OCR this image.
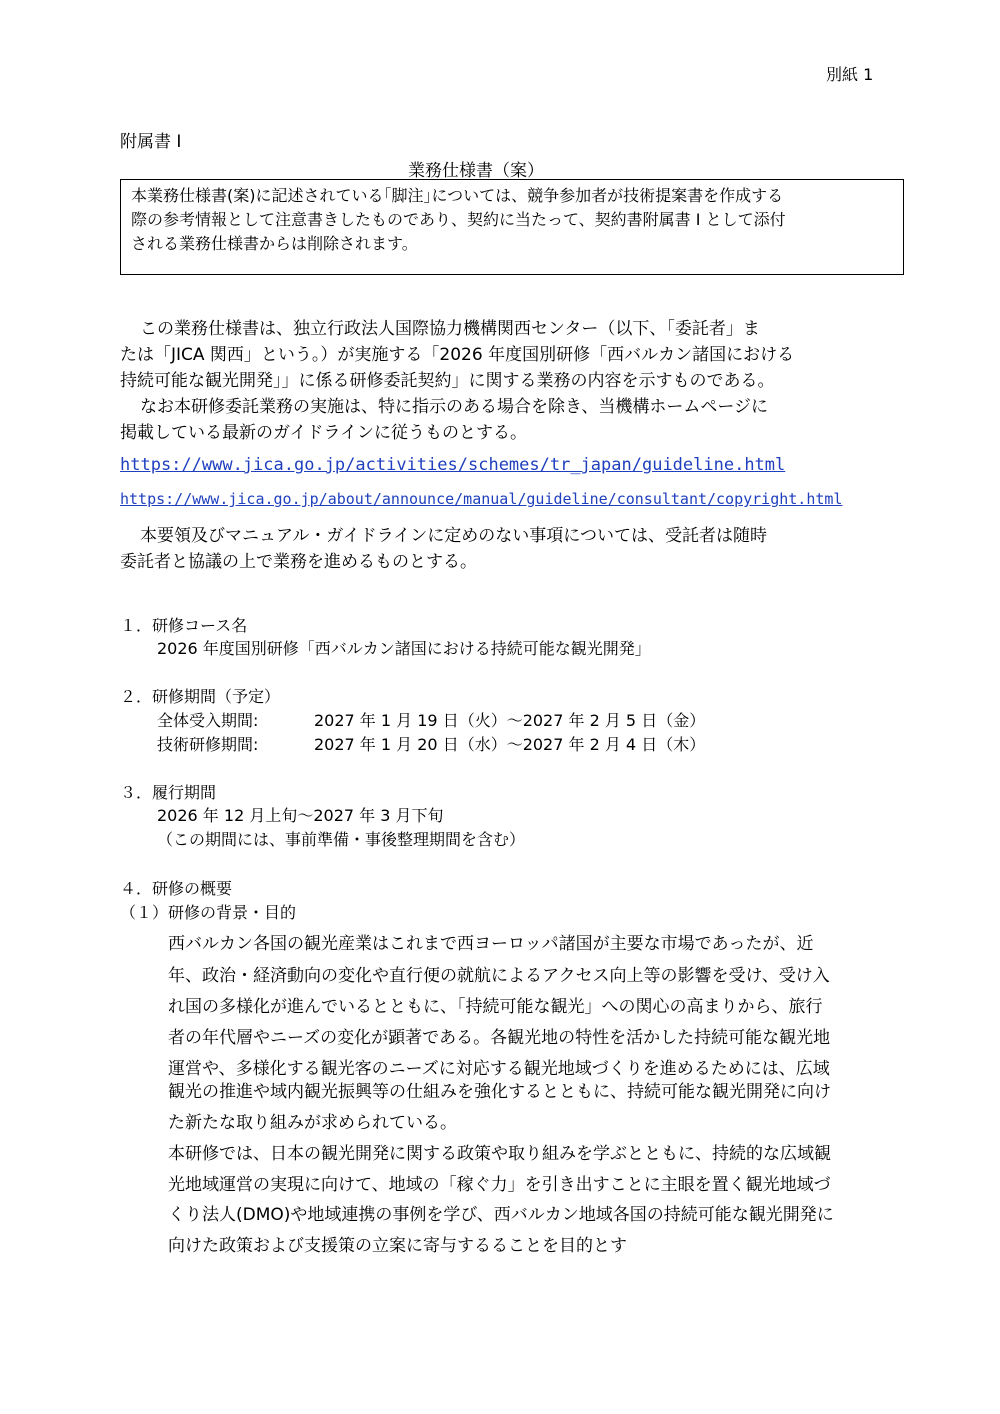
別紙 1
附属書 I
業務仕様書（案）
本業務仕様書(案)に記述されている｢脚注｣については、競争参加者が技術提案書を作成する
際の参考情報として注意書きしたものであり、契約に当たって、契約書附属書 I として添付
される業務仕様書からは削除されます。
この業務仕様書は、独立行政法人国際協力機構関西センター（以下、「委託者」ま
たは「JICA 関西」という。）が実施する「2026 年度国別研修「西バルカン諸国における
持続可能な観光開発」」に係る研修委託契約」に関する業務の内容を示すものである。
なお本研修委託業務の実施は、特に指示のある場合を除き、当機構ホームページに
掲載している最新のガイドラインに従うものとする。
https://www.jica.go.jp/activities/schemes/tr_japan/guideline.html
https://www.jica.go.jp/about/announce/manual/guideline/consultant/copyright.html
本要領及びマニュアル・ガイドラインに定めのない事項については、受託者は随時
委託者と協議の上で業務を進めるものとする。
１．研修コース名
2026 年度国別研修「西バルカン諸国における持続可能な観光開発」
２．研修期間（予定）
全体受入期間:	2027 年 1 月 19 日（火）～2027 年 2 月 5 日（金）
技術研修期間:	2027 年 1 月 20 日（水）～2027 年 2 月 4 日（木）
３．履行期間
2026 年 12 月上旬～2027 年 3 月下旬
（この期間には、事前準備・事後整理期間を含む）
４．研修の概要
（１）研修の背景・目的
西バルカン各国の観光産業はこれまで西ヨーロッパ諸国が主要な市場であったが、近
年、政治・経済動向の変化や直行便の就航によるアクセス向上等の影響を受け、受け入
れ国の多様化が進んでいるとともに、「持続可能な観光」への関心の高まりから、旅行
者の年代層やニーズの変化が顕著である。各観光地の特性を活かした持続可能な観光地
運営や、多様化する観光客のニーズに対応する観光地域づくりを進めるためには、広域
観光の推進や域内観光振興等の仕組みを強化するとともに、持続可能な観光開発に向け
た新たな取り組みが求められている。
本研修では、日本の観光開発に関する政策や取り組みを学ぶとともに、持続的な広域観
光地域運営の実現に向けて、地域の「稼ぐ力」を引き出すことに主眼を置く観光地域づ
くり法人(DMO)や地域連携の事例を学び、西バルカン地域各国の持続可能な観光開発に
向けた政策および支援策の立案に寄与するることを目的とす
